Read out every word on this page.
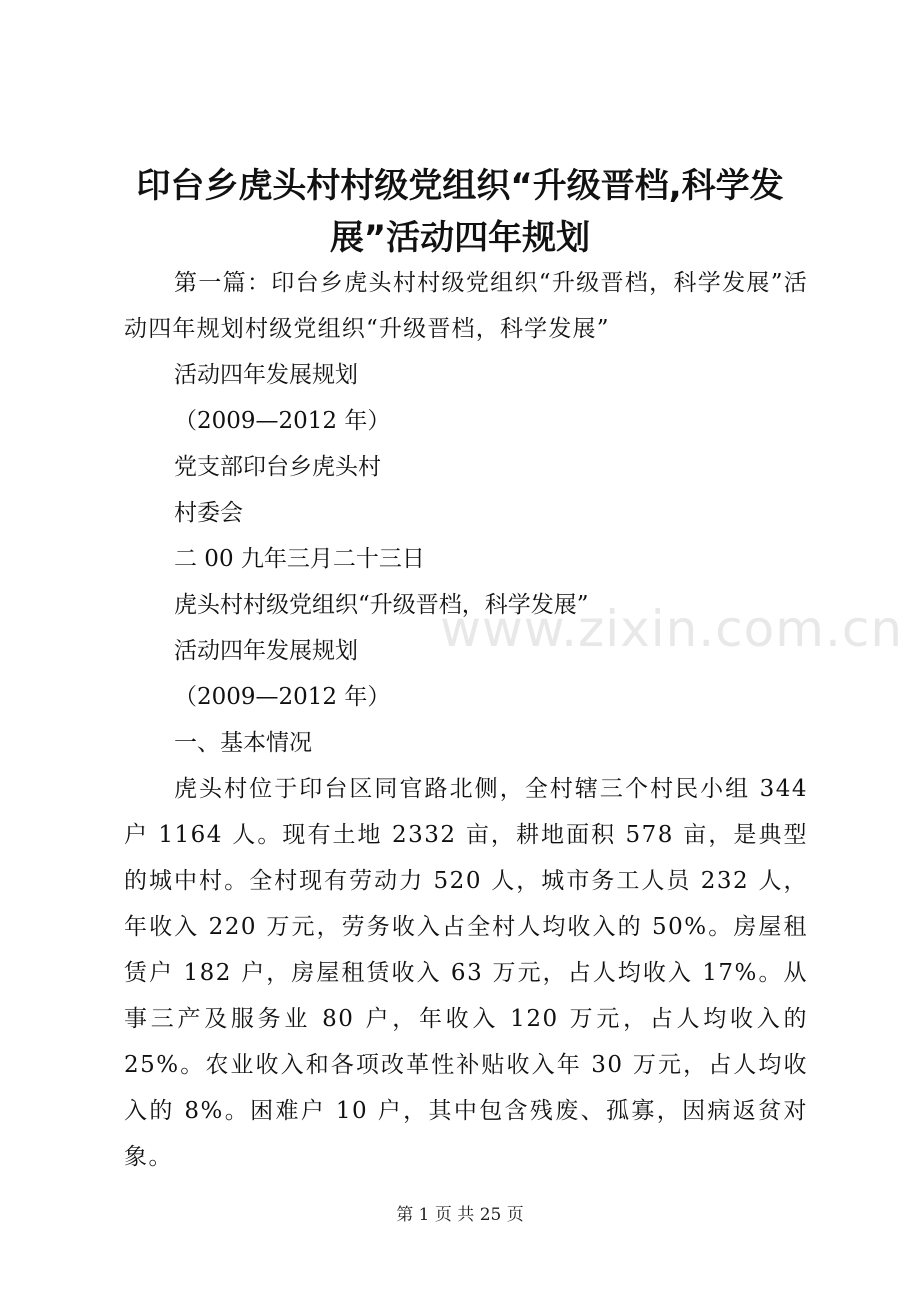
印台乡虎头村村级党组织“升级晋档,科学发
展”活动四年规划

第一篇：印台乡虎头村村级党组织“升级晋档，科学发展”活动四年规划村级党组织“升级晋档，科学发展”

活动四年发展规划

（2009—2012 年）

党支部印台乡虎头村

村委会

二 00 九年三月二十三日

虎头村村级党组织“升级晋档，科学发展”

活动四年发展规划

（2009—2012 年）

一、基本情况

虎头村位于印台区同官路北侧，全村辖三个村民小组 344 户 1164 人。现有土地 2332 亩，耕地面积 578 亩，是典型的城中村。全村现有劳动力 520 人，城市务工人员 232 人，年收入 220 万元，劳务收入占全村人均收入的 50%。房屋租赁户 182 户，房屋租赁收入 63 万元，占人均收入 17%。从事三产及服务业 80 户，年收入 120 万元，占人均收入的 25%。农业收入和各项改革性补贴收入年 30 万元，占人均收入的 8%。困难户 10 户，其中包含残废、孤寡，因病返贫对象。

www.zixin.com.cn
第 1 页 共 25 页
